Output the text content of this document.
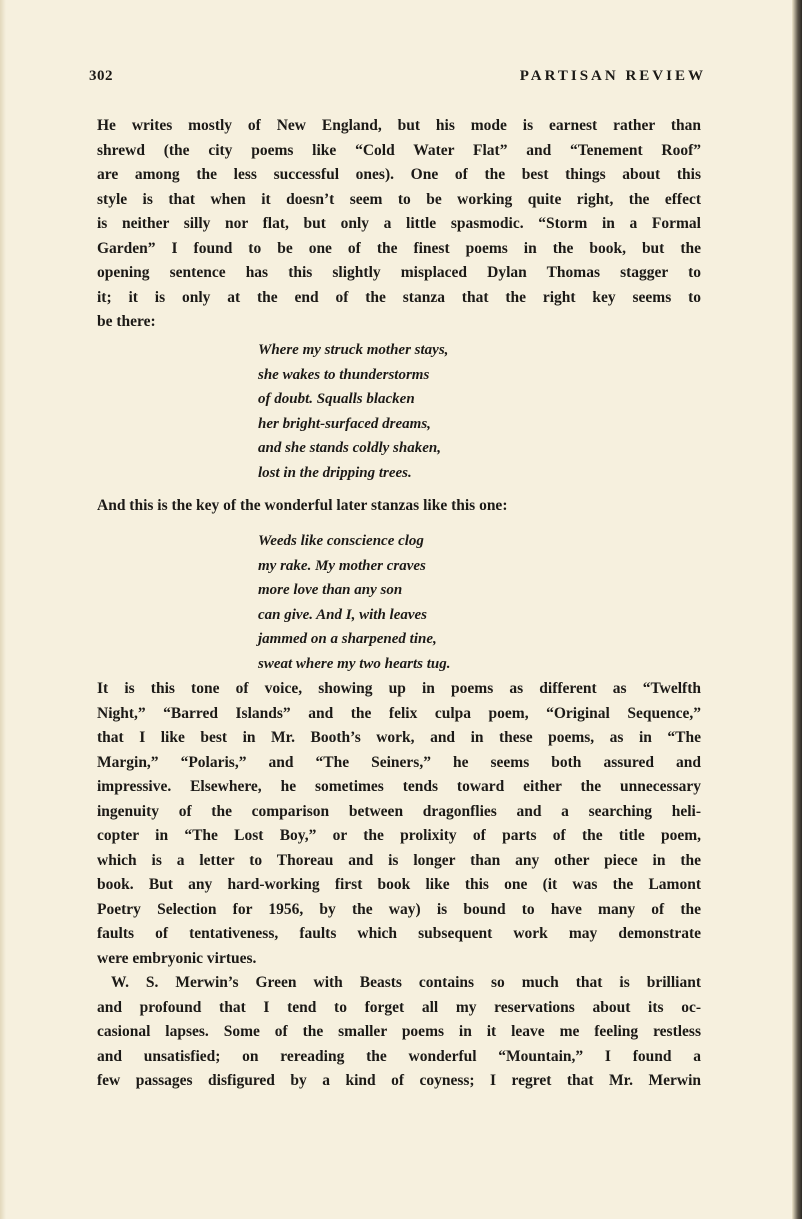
302	PARTISAN REVIEW
He writes mostly of New England, but his mode is earnest rather than
shrewd (the city poems like “Cold Water Flat” and “Tenement Roof”
are among the less successful ones). One of the best things about this
style is that when it doesn’t seem to be working quite right, the effect
is neither silly nor flat, but only a little spasmodic. “Storm in a Formal
Garden” I found to be one of the finest poems in the book, but the
opening sentence has this slightly misplaced Dylan Thomas stagger to
it; it is only at the end of the stanza that the right key seems to
be there:
Where my struck mother stays,
she wakes to thunderstorms
of doubt. Squalls blacken
her bright-surfaced dreams,
and she stands coldly shaken,
lost in the dripping trees.
And this is the key of the wonderful later stanzas like this one:
Weeds like conscience clog
my rake. My mother craves
more love than any son
can give. And I, with leaves
jammed on a sharpened tine,
sweat where my two hearts tug.
It is this tone of voice, showing up in poems as different as “Twelfth
Night,” “Barred Islands” and the felix culpa poem, “Original Sequence,”
that I like best in Mr. Booth’s work, and in these poems, as in “The
Margin,” “Polaris,” and “The Seiners,” he seems both assured and
impressive. Elsewhere, he sometimes tends toward either the unnecessary
ingenuity of the comparison between dragonflies and a searching heli-
copter in “The Lost Boy,” or the prolixity of parts of the title poem,
which is a letter to Thoreau and is longer than any other piece in the
book. But any hard-working first book like this one (it was the Lamont
Poetry Selection for 1956, by the way) is bound to have many of the
faults of tentativeness, faults which subsequent work may demonstrate
were embryonic virtues.
W. S. Merwin’s Green with Beasts contains so much that is brilliant
and profound that I tend to forget all my reservations about its oc-
casional lapses. Some of the smaller poems in it leave me feeling restless
and unsatisfied; on rereading the wonderful “Mountain,” I found a
few passages disfigured by a kind of coyness; I regret that Mr. Merwin
